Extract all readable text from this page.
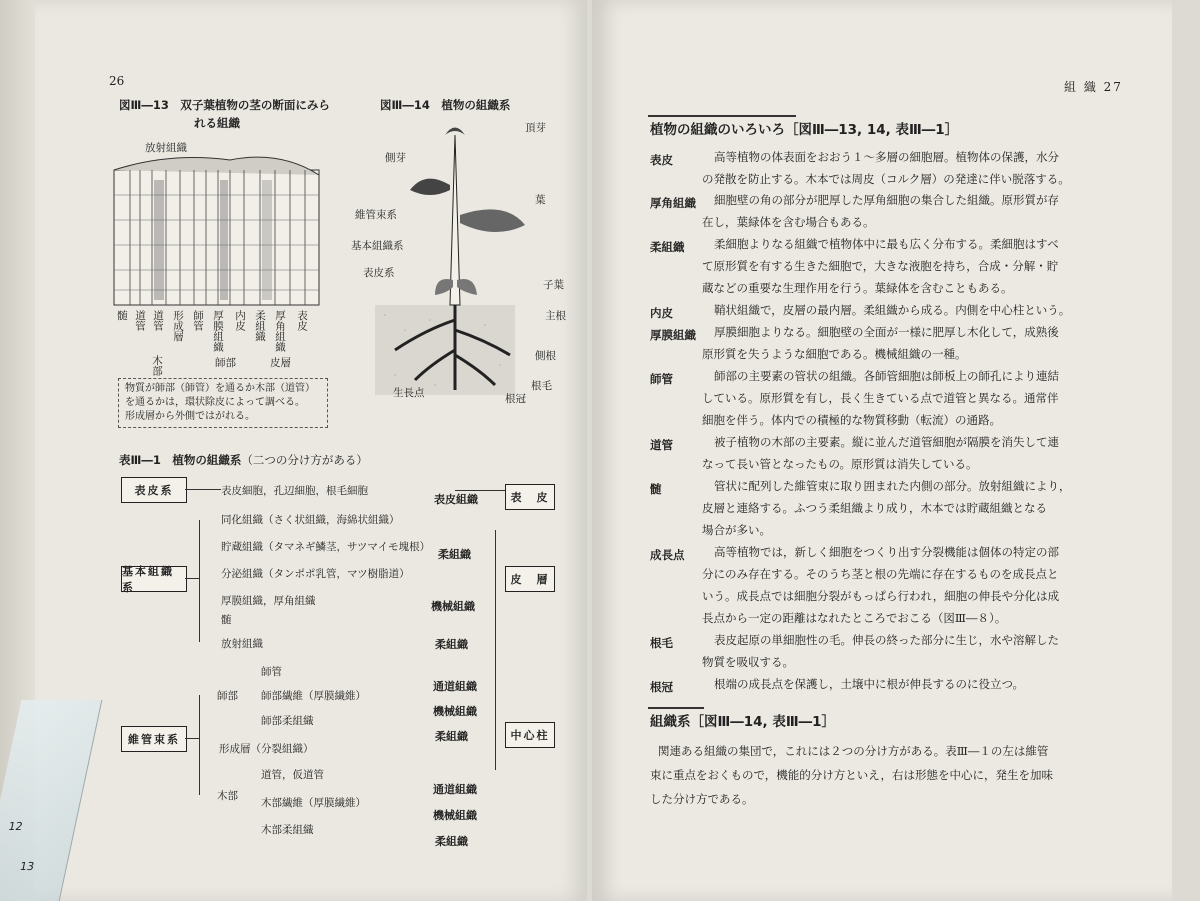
26
図Ⅲ―13　双子葉植物の茎の断面にみら
れる組織
放射組織
髄 道管 道管 形成層 師管 厚膜組織 内皮 柔組織 厚角組織 表皮
木部	師部	皮層
物質が師部（師管）を通るか木部（道管）
を通るかは，環状除皮によって調べる。
形成層から外側ではがれる。
図Ⅲ―14　植物の組織系
頂芽
側芽
葉
維管束系
基本組織系
表皮系
子葉
主根
側根
根毛
生長点	根冠
表Ⅲ―1　植物の組織系（二つの分け方がある）
表皮系
基本組織系
維管束系
表　皮
皮　層
中心柱
表皮細胞，孔辺細胞，根毛細胞
表皮組織
同化組織（さく状組織，海綿状組織）
貯蔵組織（タマネギ鱗茎，サツマイモ塊根）
柔組織
分泌組織（タンポポ乳管，マツ樹脂道）
厚膜組織，厚角組織	機械組織
髄
放射組織	柔組織
師部
師管
通道組織
師部繊維（厚膜繊維）
機械組織
師部柔組織
柔組織
形成層（分裂組織）
木部
道管，仮道管
通道組織
木部繊維（厚膜繊維）
機械組織
木部柔組織
柔組織
組 織 27
植物の組織のいろいろ［図Ⅲ―13, 14, 表Ⅲ―1］
表皮	高等植物の体表面をおおう１～多層の細胞層。植物体の保護，水分
の発散を防止する。木本では周皮（コルク層）の発達に伴い脱落する。
厚角組織 細胞壁の角の部分が肥厚した厚角細胞の集合した組織。原形質が存
在し，葉緑体を含む場合もある。
柔組織	柔細胞よりなる組織で植物体中に最も広く分布する。柔細胞はすべ
て原形質を有する生きた細胞で，大きな液胞を持ち，合成・分解・貯
蔵などの重要な生理作用を行う。葉緑体を含むこともある。
内皮	鞘状組織で，皮層の最内層。柔組織から成る。内側を中心柱という。
厚膜組織 厚膜細胞よりなる。細胞壁の全面が一様に肥厚し木化して，成熟後
原形質を失うような細胞である。機械組織の一種。
師管	師部の主要素の管状の組織。各師管細胞は師板上の師孔により連結
している。原形質を有し，長く生きている点で道管と異なる。通常伴
細胞を伴う。体内での積極的な物質移動（転流）の通路。
道管	被子植物の木部の主要素。縦に並んだ道管細胞が隔膜を消失して連
なって長い管となったもの。原形質は消失している。
髄	管状に配列した維管束に取り囲まれた内側の部分。放射組織により，
皮層と連絡する。ふつう柔組織より成り，木本では貯蔵組織となる
場合が多い。
成長点	高等植物では，新しく細胞をつくり出す分裂機能は個体の特定の部
分にのみ存在する。そのうち茎と根の先端に存在するものを成長点と
いう。成長点では細胞分裂がもっぱら行われ，細胞の伸長や分化は成
長点から一定の距離はなれたところでおこる（図Ⅲ―８）。
根毛	表皮起原の単細胞性の毛。伸長の終った部分に生じ，水や溶解した
物質を吸収する。
根冠	根端の成長点を保護し，土壌中に根が伸長するのに役立つ。
組織系［図Ⅲ―14, 表Ⅲ―1］
関連ある組織の集団で，これには２つの分け方がある。表Ⅲ―１の左は維管
束に重点をおくもので，機能的分け方といえ，右は形態を中心に，発生を加味
した分け方である。
12
13
